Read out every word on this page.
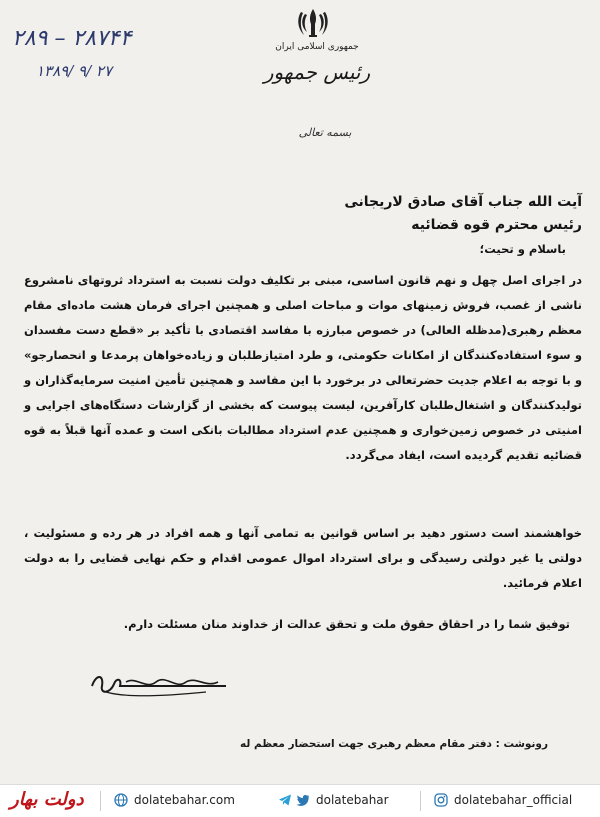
۲۸۹ – ۲۸۷۴۴
۱۳۸۹/ ۹/ ۲۷
جمهوری اسلامی ایران
رئیس جمهور
بسمه تعالی
آیت الله جناب آقای صادق لاریجانی
رئیس محترم قوه قضائیه
باسلام و تحیت؛
در اجرای اصل چهل و نهم قانون اساسی، مبنی بر تکلیف دولت نسبت به استرداد ثروتهای نامشروع ناشی از غصب، فروش زمینهای موات و مباحات اصلی و همچنین اجرای فرمان هشت ماده‌ای مقام معظم رهبری(مدظله العالی) در خصوص مبارزه با مفاسد اقتصادی با تأکید بر «قطع دست مفسدان و سوء استفاده‌کنندگان از امکانات حکومتی، و طرد امتیازطلبان و زیاده‌خواهان پرمدعا و انحصارجو» و با توجه به اعلام جدیت حضرتعالی در برخورد با این مفاسد و همچنین تأمین امنیت سرمایه‌گذاران و تولیدکنندگان و اشتغال‌طلبان کارآفرین، لیست پیوست که بخشی از گزارشات دستگاه‌های اجرایی و امنیتی در خصوص زمین‌خواری و همچنین عدم استرداد مطالبات بانکی است و عمده آنها قبلاً به قوه قضائیه تقدیم گردیده است، ایفاد می‌گردد.
خواهشمند است دستور دهید بر اساس قوانین به تمامی آنها و همه افراد در هر رده و مسئولیت ، دولتی یا غیر دولتی رسیدگی و برای استرداد اموال عمومی اقدام و حکم نهایی قضایی را به دولت اعلام فرمائید.
توفیق شما را در احقاق حقوق ملت و تحقق عدالت از خداوند منان مسئلت دارم.
رونوشت : دفتر مقام معظم رهبری جهت استحضار معظم له
دولت بهار	dolatebahar.com	dolatebahar	dolatebahar_official
